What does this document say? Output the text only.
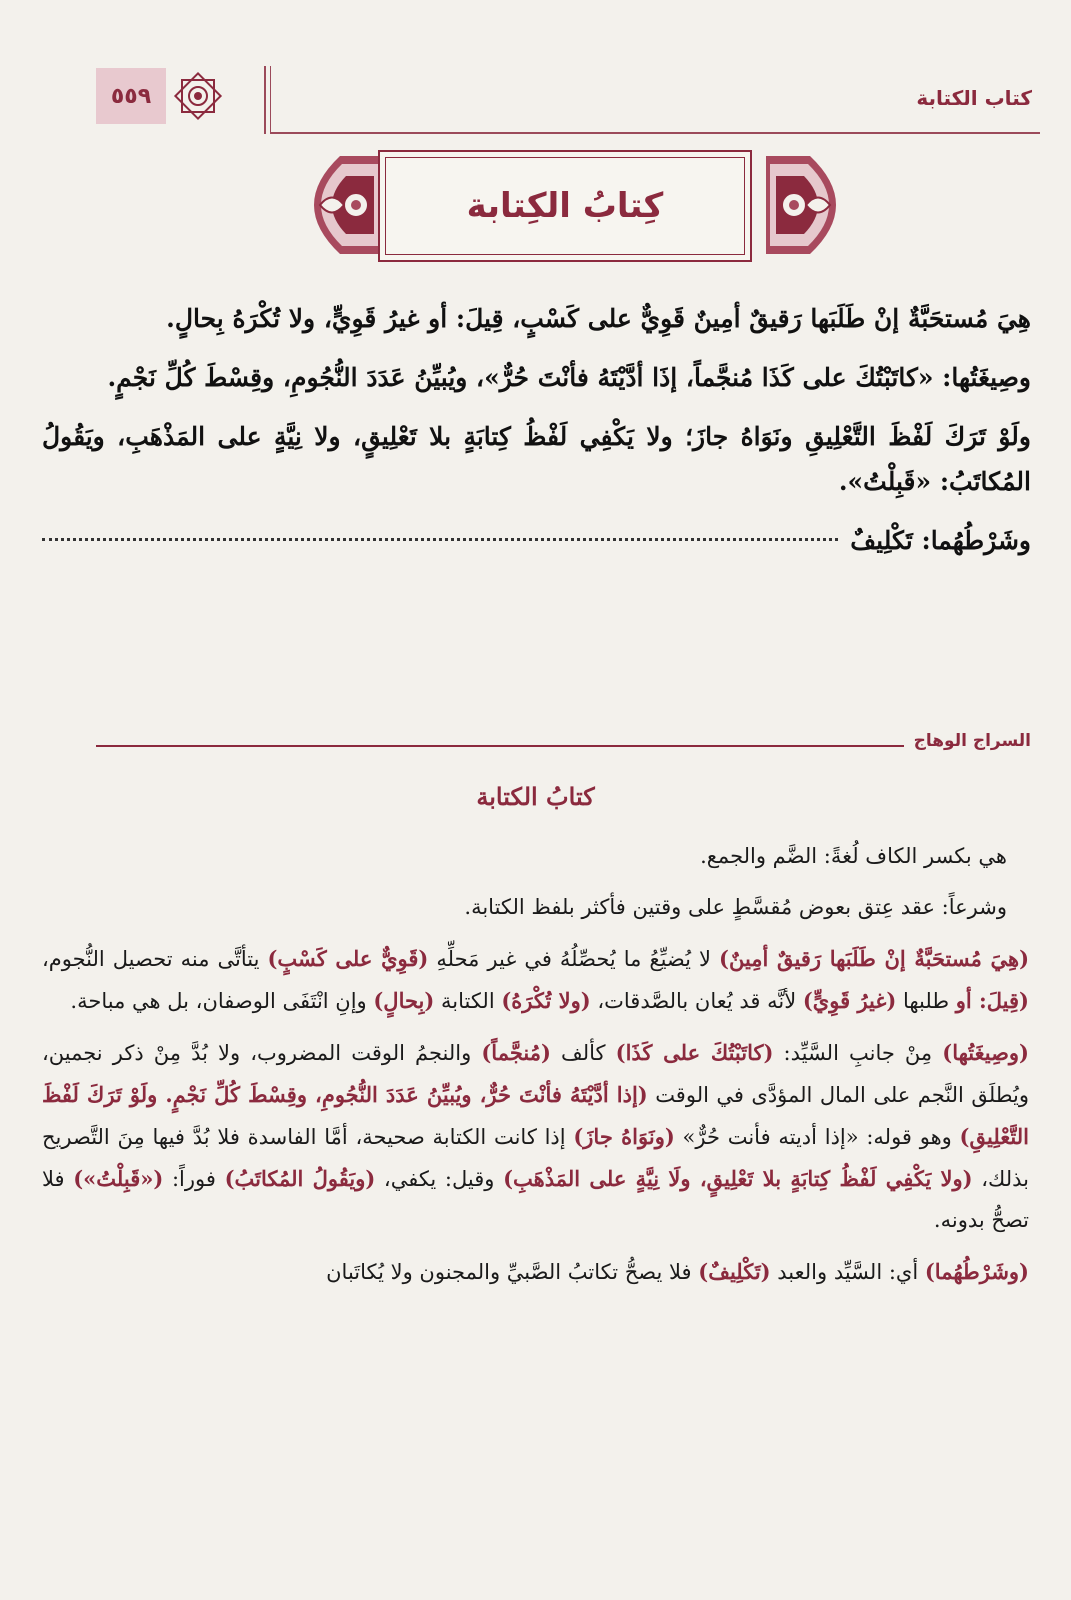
٥٥٩	كتاب الكتابة
كِتابُ الكِتابة

هِيَ مُستحَبَّةٌ إنْ طَلَبَها رَقيقٌ أمِينٌ قَوِيٌّ على كَسْبٍ، قِيلَ: أو غيرُ قَوِيٍّ، ولا تُكْرَهُ بِحالٍ.

وصِيغَتُها: «كاتَبْتُكَ على كَذَا مُنجَّماً، إذَا أدَّيْتَهُ فأنْتَ حُرٌّ»، ويُبيِّنُ عَدَدَ النُّجُومِ، وقِسْطَ كُلِّ نَجْمٍ.

ولَوْ تَرَكَ لَفْظَ التَّعْلِيقِ ونَوَاهُ جازَ؛ ولا يَكْفِي لَفْظُ كِتابَةٍ بلا تَعْلِيقٍ، ولا نِيَّةٍ على المَذْهَبِ، ويَقُولُ المُكاتَبُ: «قَبِلْتُ».

وشَرْطُهُما: تَكْلِيفٌ
السراج الوهاج
كتابُ الكتابة

هي بكسر الكاف لُغةً: الضَّم والجمع.

وشرعاً: عقد عِتق بعوض مُقسَّطٍ على وقتين فأكثر بلفظ الكتابة.

(هِيَ مُستحَبَّةٌ إنْ طَلَبَها رَقيقٌ أمِينٌ) لا يُضيِّعُ ما يُحصِّلُهُ في غير مَحلِّهِ (قَوِيٌّ على كَسْبٍ) يتأتَّى منه تحصيل النُّجوم، (قِيلَ: أو طلبها (غيرُ قَوِيٍّ) لأنَّه قد يُعان بالصَّدقات، (ولا تُكْرَهُ) الكتابة (بِحالٍ) وإنِ انْتَفَى الوصفان، بل هي مباحة.

(وصِيغَتُها) مِنْ جانبِ السَّيِّد: (كاتَبْتُكَ على كَذَا) كألف (مُنجَّماً) والنجمُ الوقت المضروب، ولا بُدَّ مِنْ ذكر نجمين، ويُطلَق النَّجم على المال المؤدَّى في الوقت (إذا أدَّيْتَهُ فأنْتَ حُرٌّ، ويُبيِّنُ عَدَدَ النُّجُومِ، وقِسْطَ كُلِّ نَجْمٍ. ولَوْ تَرَكَ لَفْظَ التَّعْلِيقِ) وهو قوله: «إذا أديته فأنت حُرٌّ» (ونَوَاهُ جازَ) إذا كانت الكتابة صحيحة، أمَّا الفاسدة فلا بُدَّ فيها مِنَ التَّصريح بذلك، (ولا يَكْفِي لَفْظُ كِتابَةٍ بلا تَعْلِيقٍ، ولَا نِيَّةٍ على المَذْهَبِ) وقيل: يكفي، (ويَقُولُ المُكاتَبُ) فوراً: («قَبِلْتُ») فلا تصحُّ بدونه.

(وشَرْطُهُما) أي: السَّيِّد والعبد (تَكْلِيفٌ) فلا يصحُّ تكاتبُ الصَّبيِّ والمجنون ولا يُكاتَبان
